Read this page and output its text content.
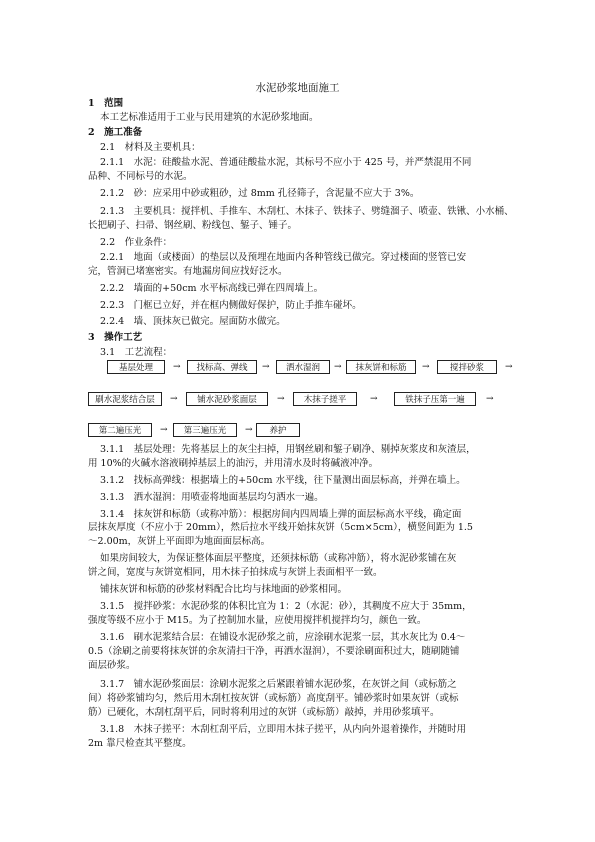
水泥砂浆地面施工
1　范围
本工艺标准适用于工业与民用建筑的水泥砂浆地面。
2　施工准备
2.1　材料及主要机具：
2.1.1　水泥：硅酸盐水泥、普通硅酸盐水泥，其标号不应小于 425 号，并严禁混用不同
品种、不同标号的水泥。
2.1.2　砂：应采用中砂或粗砂，过 8mm 孔径筛子，含泥量不应大于 3%。
2.1.3　主要机具：搅拌机、手推车、木刮杠、木抹子、铁抹子、劈缝溜子、喷壶、铁锹、小水桶、
长把刷子、扫帚、钢丝刷、粉线包、錾子、锤子。
2.2　作业条件：
2.2.1　地面（或楼面）的垫层以及预埋在地面内各种管线已做完。穿过楼面的竖管已安
完，管洞已堵塞密实。有地漏房间应找好泛水。
2.2.2　墙面的+50cm 水平标高线已弹在四周墙上。
2.2.3　门框已立好，并在框内侧做好保护，防止手推车碰坏。
2.2.4　墙、顶抹灰已做完。屋面防水做完。
3　操作工艺
3.1　工艺流程：
基层处理	→	找标高、弹线	→	洒水湿润	→	抹灰饼和标筋	→	搅拌砂浆	→
刷水泥浆结合层	→	铺水泥砂浆面层	→	木抹子搓平	→	铁抹子压第一遍	→
第二遍压光	→	第三遍压光	→	养护
3.1.1　基层处理：先将基层上的灰尘扫掉，用钢丝刷和錾子刷净、剔掉灰浆皮和灰渣层，
用 10%的火碱水溶液刷掉基层上的油污，并用清水及时将碱液冲净。
3.1.2　找标高弹线：根据墙上的+50cm 水平线，往下量测出面层标高，并弹在墙上。
3.1.3　洒水湿润：用喷壶将地面基层均匀洒水一遍。
3.1.4　抹灰饼和标筋（或称冲筋）：根据房间内四周墙上弹的面层标高水平线，确定面
层抹灰厚度（不应小于 20mm），然后拉水平线开始抹灰饼（5cm×5cm），横竖间距为 1.5
～2.00m，灰饼上平面即为地面面层标高。
如果房间较大，为保证整体面层平整度，还须抹标筋（或称冲筋），将水泥砂浆铺在灰
饼之间，宽度与灰饼宽相同，用木抹子拍抹成与灰饼上表面相平一致。
铺抹灰饼和标筋的砂浆材料配合比均与抹地面的砂浆相同。
3.1.5　搅拌砂浆：水泥砂浆的体积比宜为 1：2（水泥：砂），其稠度不应大于 35mm，
强度等级不应小于 M15。为了控制加水量，应使用搅拌机搅拌均匀，颜色一致。
3.1.6　刷水泥浆结合层：在铺设水泥砂浆之前，应涂刷水泥浆一层，其水灰比为 0.4～
0.5（涂刷之前要将抹灰饼的余灰清扫干净，再洒水湿润），不要涂刷面积过大，随刷随铺
面层砂浆。
3.1.7　铺水泥砂浆面层：涂刷水泥浆之后紧跟着铺水泥砂浆，在灰饼之间（或标筋之
间）将砂浆铺均匀，然后用木刮杠按灰饼（或标筋）高度刮平。铺砂浆时如果灰饼（或标
筋）已硬化，木刮杠刮平后，同时将利用过的灰饼（或标筋）敲掉，并用砂浆填平。
3.1.8　木抹子搓平：木刮杠刮平后，立即用木抹子搓平，从内向外退着操作，并随时用
2m 靠尺检查其平整度。
